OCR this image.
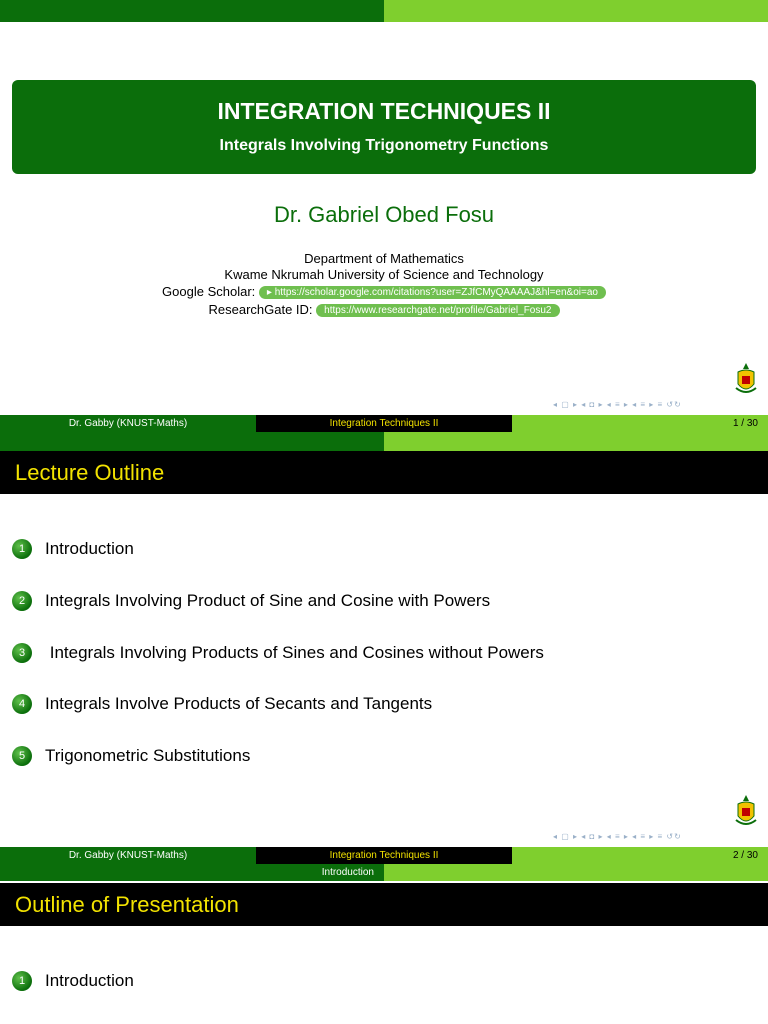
INTEGRATION TECHNIQUES II
Integrals Involving Trigonometry Functions
Dr. Gabriel Obed Fosu
Department of Mathematics
Kwame Nkrumah University of Science and Technology
Google Scholar: ▸ https://scholar.google.com/citations?user=ZJfCMyQAAAAJ&hl=en&oi=ao
ResearchGate ID: https://www.researchgate.net/profile/Gabriel_Fosu2
◂ ▢ ▸ ◂ ◘ ▸ ◂ ≡ ▸ ◂ ≡ ▸ ≡ ↺↻
Dr. Gabby (KNUST-Maths)	Integration Techniques II	1 / 30
Lecture Outline
1	Introduction
2	Integrals Involving Product of Sine and Cosine with Powers
3	Integrals Involving Products of Sines and Cosines without Powers
4	Integrals Involve Products of Secants and Tangents
5	Trigonometric Substitutions
◂ ▢ ▸ ◂ ◘ ▸ ◂ ≡ ▸ ◂ ≡ ▸ ≡ ↺↻
Dr. Gabby (KNUST-Maths)	Integration Techniques II	2 / 30
Introduction
Outline of Presentation
1	Introduction
